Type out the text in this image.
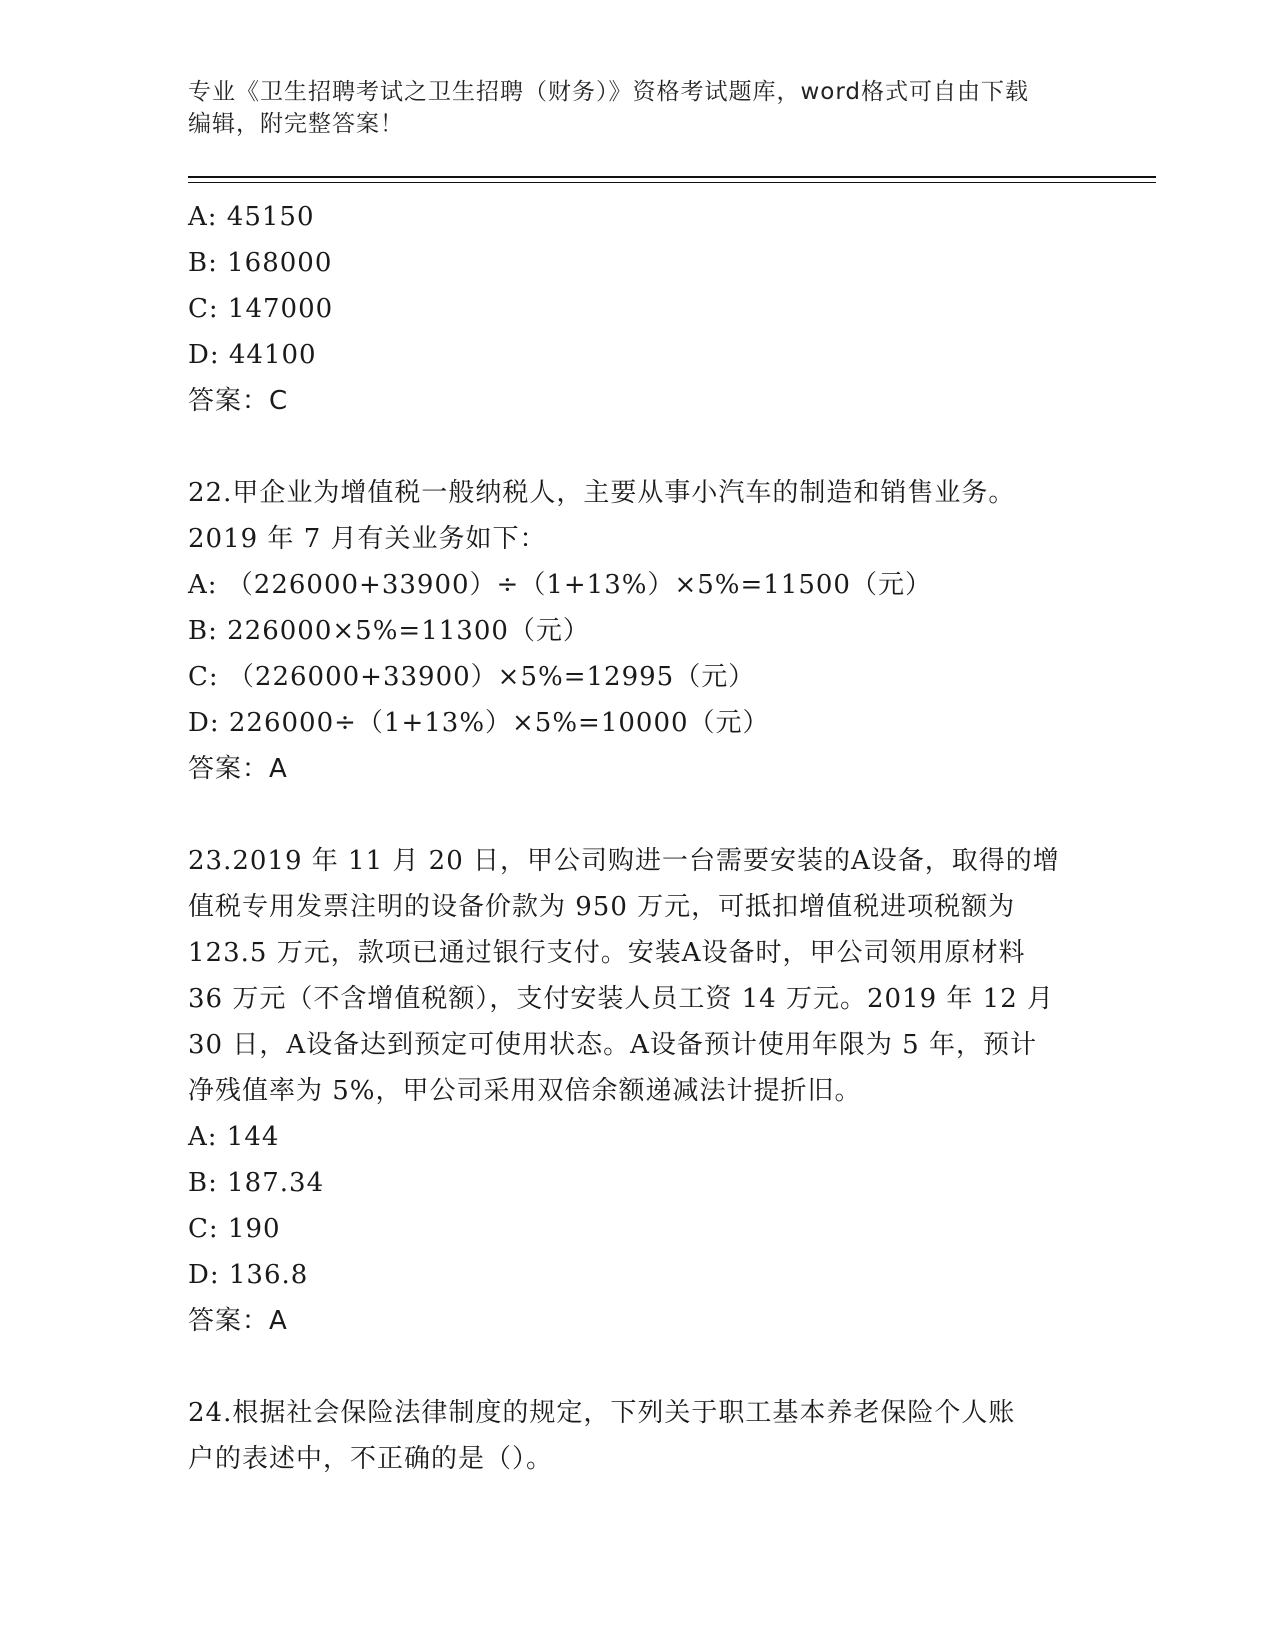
专业《卫生招聘考试之卫生招聘（财务）》资格考试题库，word格式可自由下载
编辑，附完整答案！
A: 45150
B: 168000
C: 147000
D: 44100
答案：C
22.甲企业为增值税一般纳税人，主要从事小汽车的制造和销售业务。
2019 年 7 月有关业务如下：
A: （226000+33900）÷（1+13%）×5%=11500（元）
B: 226000×5%=11300（元）
C: （226000+33900）×5%=12995（元）
D: 226000÷（1+13%）×5%=10000（元）
答案：A
23.2019 年 11 月 20 日，甲公司购进一台需要安装的A设备，取得的增
值税专用发票注明的设备价款为 950 万元，可抵扣增值税进项税额为
123.5 万元，款项已通过银行支付。安装A设备时，甲公司领用原材料
36 万元（不含增值税额），支付安装人员工资 14 万元。2019 年 12 月
30 日，A设备达到预定可使用状态。A设备预计使用年限为 5 年，预计
净残值率为 5%，甲公司采用双倍余额递减法计提折旧。
A: 144
B: 187.34
C: 190
D: 136.8
答案：A
24.根据社会保险法律制度的规定，下列关于职工基本养老保险个人账
户的表述中，不正确的是（）。
